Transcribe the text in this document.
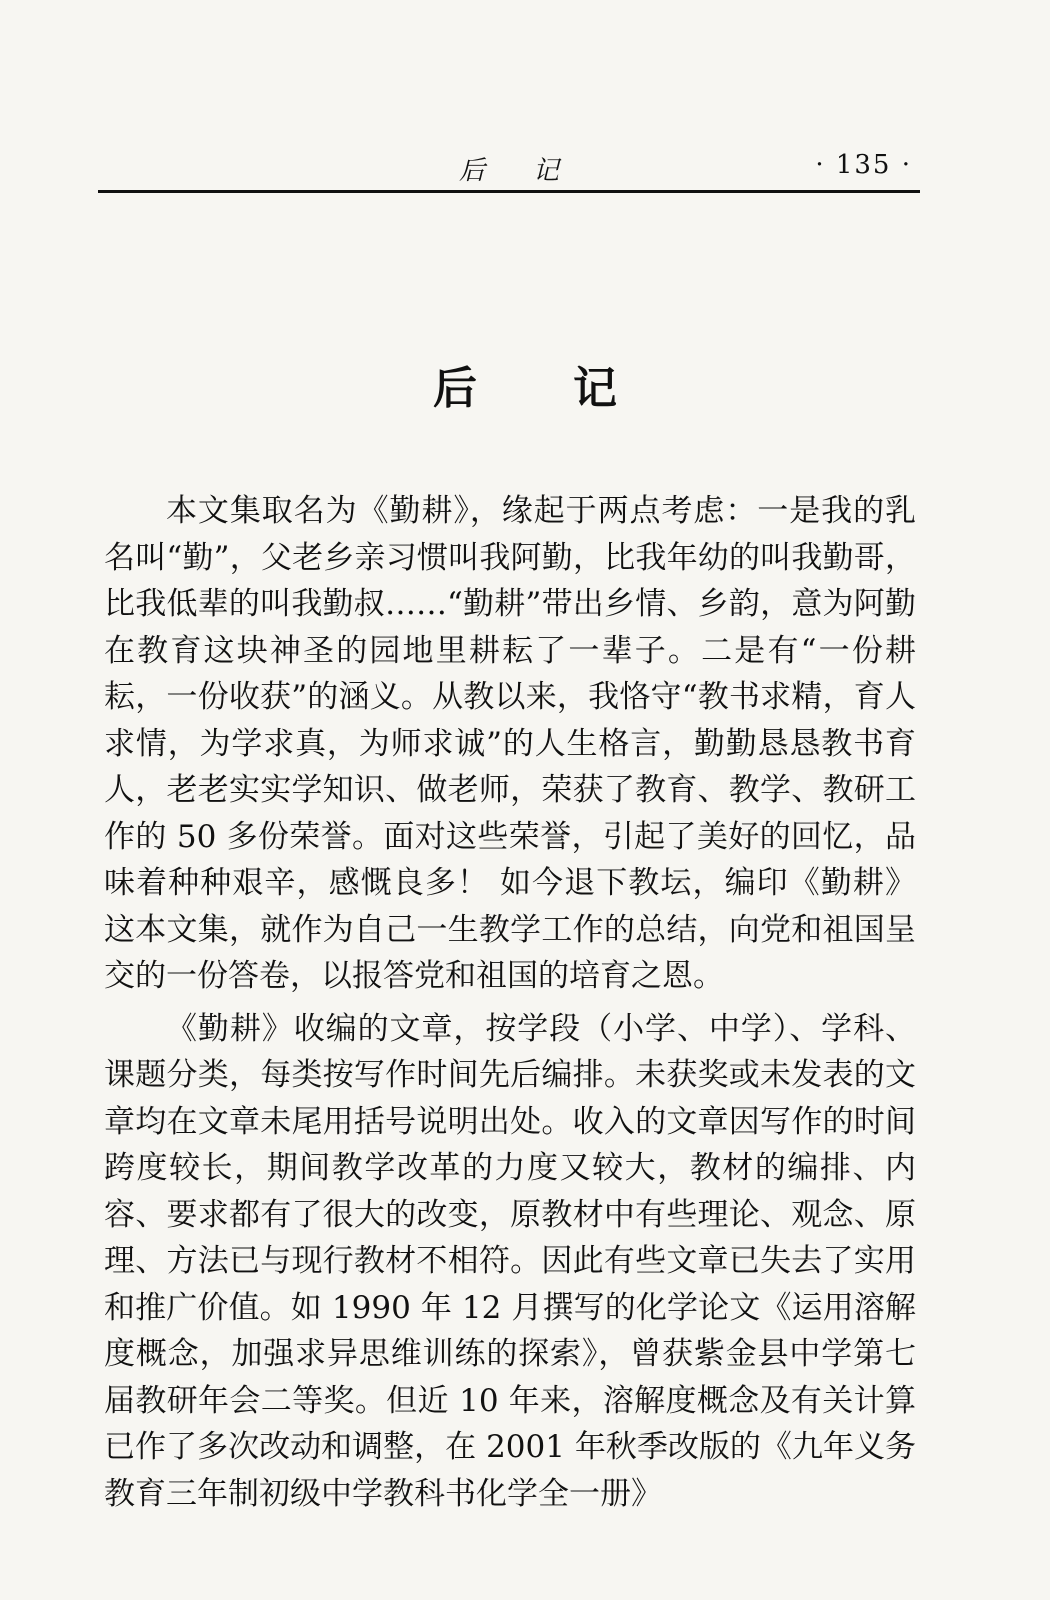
后记	· 135 ·
后记

本文集取名为《勤耕》，缘起于两点考虑：一是我的乳名叫“勤”，父老乡亲习惯叫我阿勤，比我年幼的叫我勤哥，比我低辈的叫我勤叔……“勤耕”带出乡情、乡韵，意为阿勤在教育这块神圣的园地里耕耘了一辈子。二是有“一份耕耘，一份收获”的涵义。从教以来，我恪守“教书求精，育人求情，为学求真，为师求诚”的人生格言，勤勤恳恳教书育人，老老实实学知识、做老师，荣获了教育、教学、教研工作的 50 多份荣誉。面对这些荣誉，引起了美好的回忆，品味着种种艰辛，感慨良多！ 如今退下教坛，编印《勤耕》这本文集，就作为自己一生教学工作的总结，向党和祖国呈交的一份答卷，以报答党和祖国的培育之恩。

《勤耕》收编的文章，按学段（小学、中学）、学科、课题分类，每类按写作时间先后编排。未获奖或未发表的文章均在文章未尾用括号说明出处。收入的文章因写作的时间跨度较长，期间教学改革的力度又较大，教材的编排、内容、要求都有了很大的改变，原教材中有些理论、观念、原理、方法已与现行教材不相符。因此有些文章已失去了实用和推广价值。如 1990 年 12 月撰写的化学论文《运用溶解度概念，加强求异思维训练的探索》，曾获紫金县中学第七届教研年会二等奖。但近 10 年来，溶解度概念及有关计算已作了多次改动和调整，在 2001 年秋季改版的《九年义务教育三年制初级中学教科书化学全一册》
